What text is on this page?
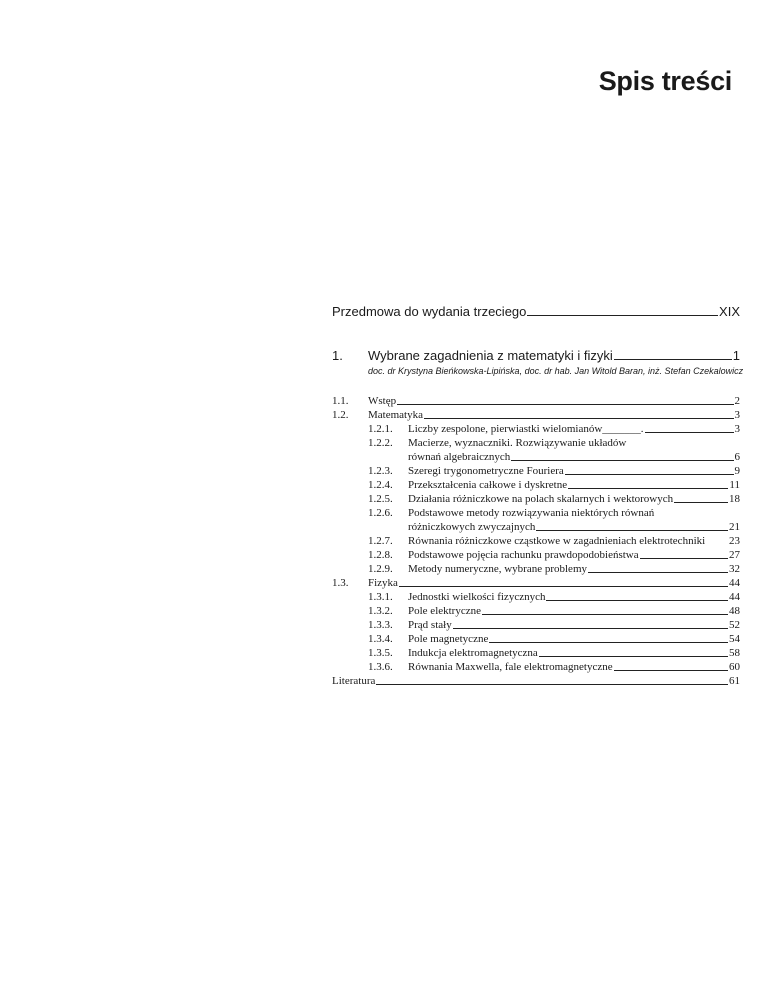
Spis treści
Przedmowa do wydania trzeciego	XIX
1.	Wybrane zagadnienia z matematyki i fizyki	1
doc. dr Krystyna Bieńkowska-Lipińska, doc. dr hab. Jan Witold Baran, inż. Stefan Czekalowicz
1.1.	Wstęp	2
1.2.	Matematyka	3
1.2.1.	Liczby zespolone, pierwiastki wielomianów_______.	3
1.2.2.	Macierze, wyznaczniki. Rozwiązywanie układów
równań algebraicznych	6
1.2.3.	Szeregi trygonometryczne Fouriera	9
1.2.4.	Przekształcenia całkowe i dyskretne	11
1.2.5.	Działania różniczkowe na polach skalarnych i wektorowych	18
1.2.6.	Podstawowe metody rozwiązywania niektórych równań
różniczkowych zwyczajnych	21
1.2.7.	Równania różniczkowe cząstkowe w zagadnieniach elektrotechniki 23
1.2.8.	Podstawowe pojęcia rachunku prawdopodobieństwa	27
1.2.9.	Metody numeryczne, wybrane problemy	32
1.3.	Fizyka	44
1.3.1.	Jednostki wielkości fizycznych	44
1.3.2.	Pole elektryczne	48
1.3.3.	Prąd stały	52
1.3.4.	Pole magnetyczne	54
1.3.5.	Indukcja elektromagnetyczna	58
1.3.6.	Równania Maxwella, fale elektromagnetyczne	60
Literatura	61
